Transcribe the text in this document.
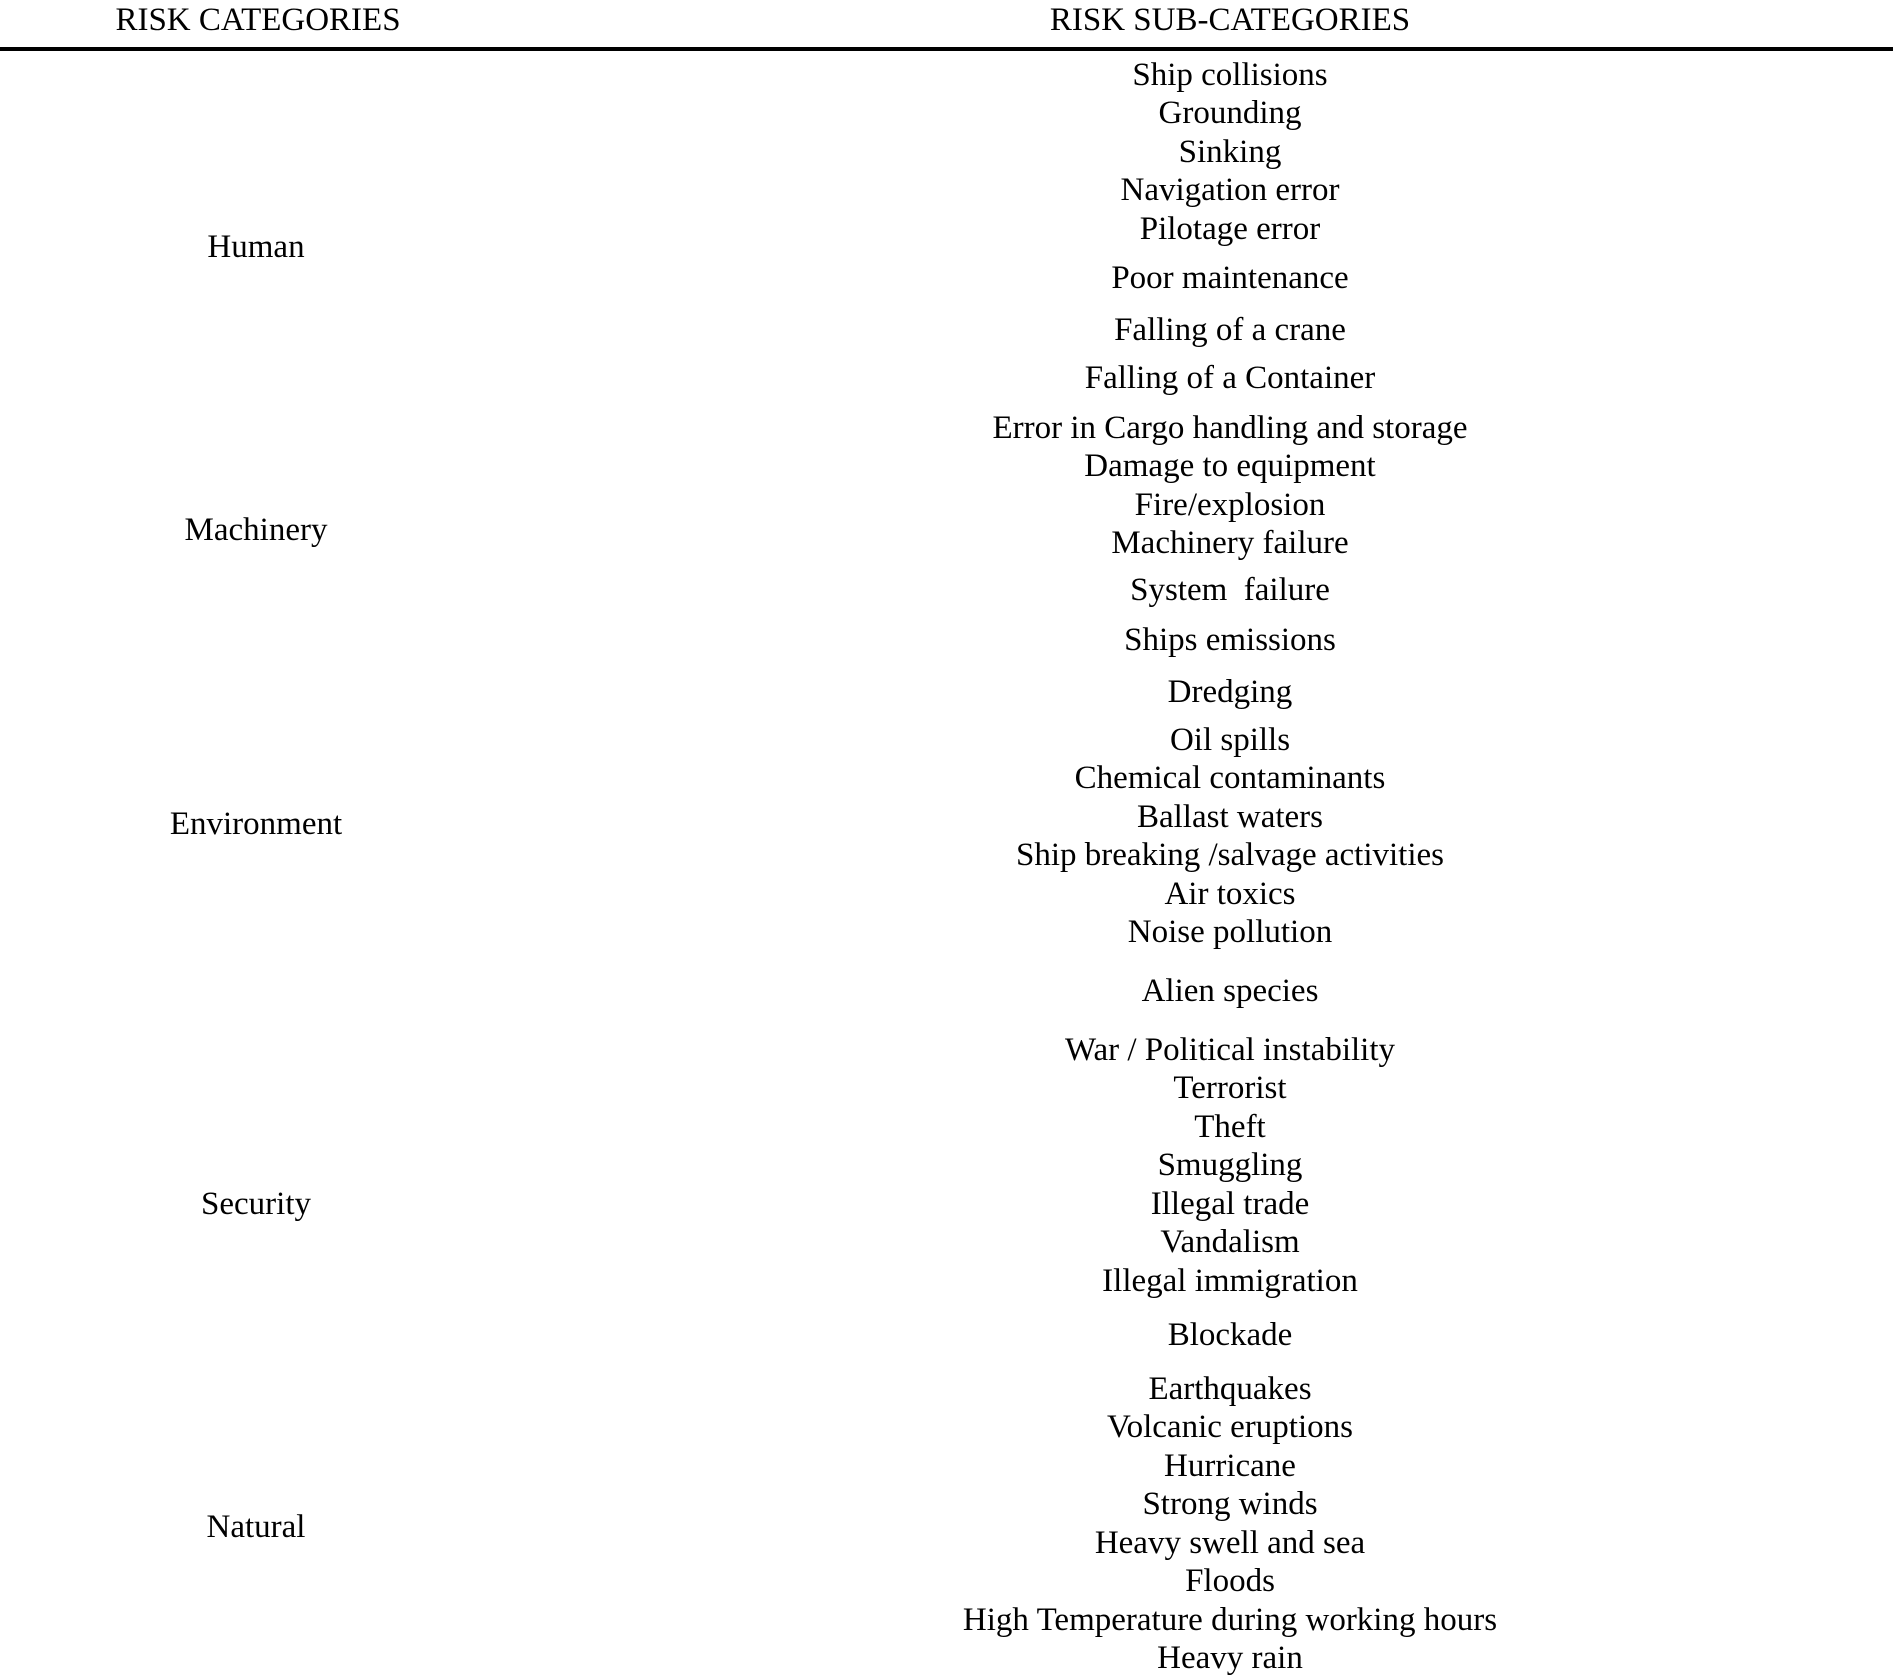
RISK CATEGORIES	RISK SUB-CATEGORIES
Human
Machinery
Environment
Security
Natural
Ship collisions
Grounding
Sinking
Navigation error
Pilotage error
Poor maintenance
Falling of a crane
Falling of a Container
Error in Cargo handling and storage
Damage to equipment
Fire/explosion
Machinery failure
System  failure
Ships emissions
Dredging
Oil spills
Chemical contaminants
Ballast waters
Ship breaking /salvage activities
Air toxics
Noise pollution
Alien species
War / Political instability
Terrorist
Theft
Smuggling
Illegal trade
Vandalism
Illegal immigration
Blockade
Earthquakes
Volcanic eruptions
Hurricane
Strong winds
Heavy swell and sea
Floods
High Temperature during working hours
Heavy rain
